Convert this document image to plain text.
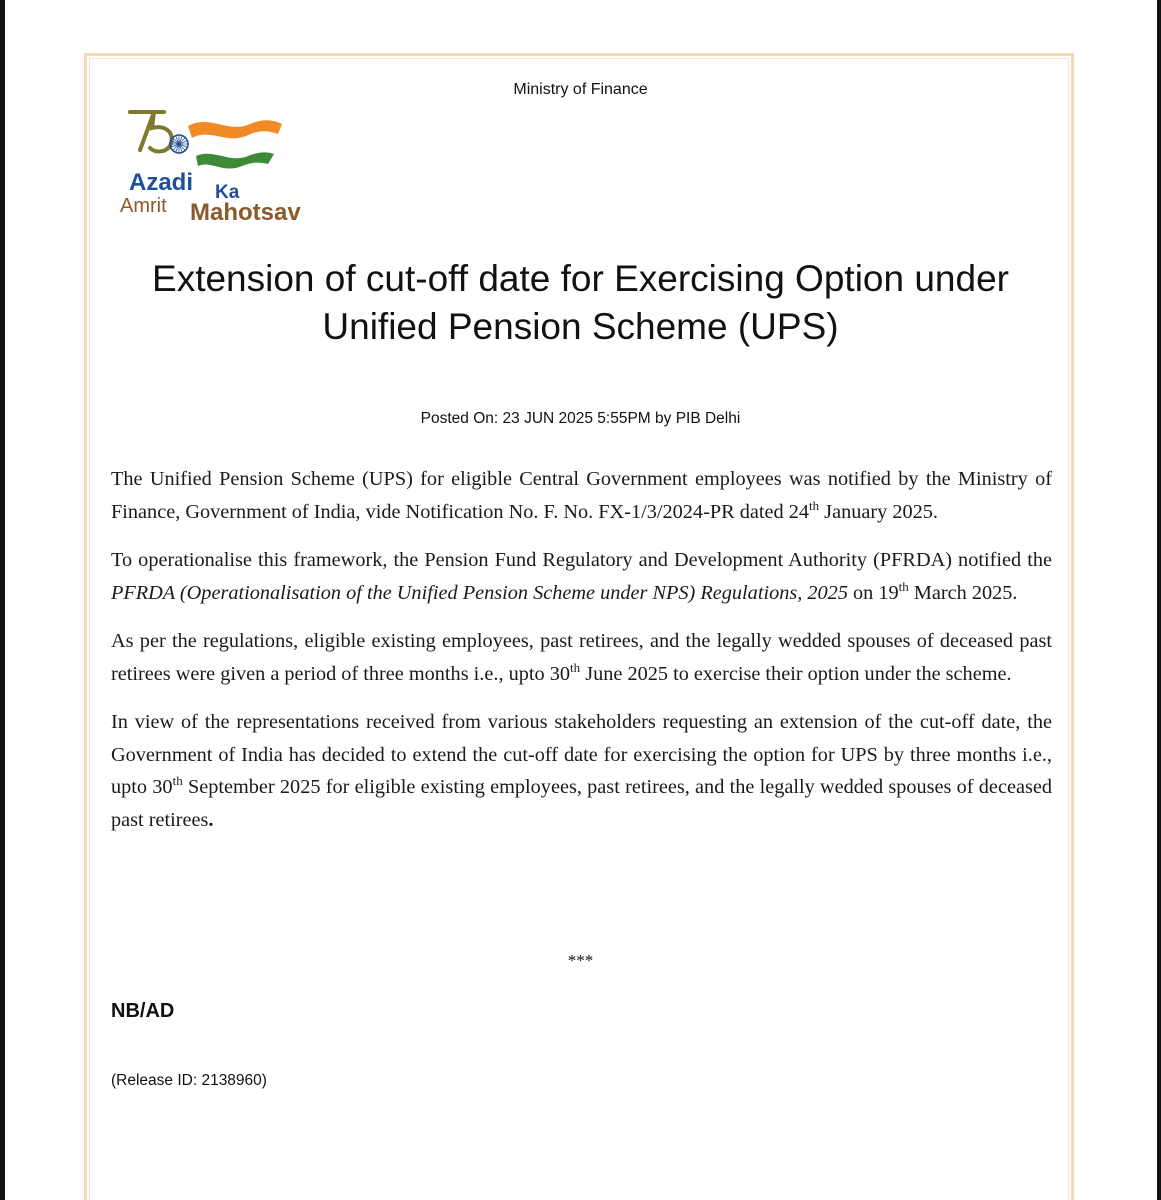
Ministry of Finance
Azadi Ka
Amrit Mahotsav
Extension of cut-off date for Exercising Option under Unified Pension Scheme (UPS)
Posted On: 23 JUN 2025 5:55PM by PIB Delhi

The Unified Pension Scheme (UPS) for eligible Central Government employees was notified by the Ministry of Finance, Government of India, vide Notification No. F. No. FX-1/3/2024-PR dated 24th January 2025.

To operationalise this framework, the Pension Fund Regulatory and Development Authority (PFRDA) notified the PFRDA (Operationalisation of the Unified Pension Scheme under NPS) Regulations, 2025 on 19th March 2025.

As per the regulations, eligible existing employees, past retirees, and the legally wedded spouses of deceased past retirees were given a period of three months i.e., upto 30th June 2025 to exercise their option under the scheme.

In view of the representations received from various stakeholders requesting an extension of the cut-off date, the Government of India has decided to extend the cut-off date for exercising the option for UPS by three months i.e., upto 30th September 2025 for eligible existing employees, past retirees, and the legally wedded spouses of deceased past retirees.

***
NB/AD
(Release ID: 2138960)
